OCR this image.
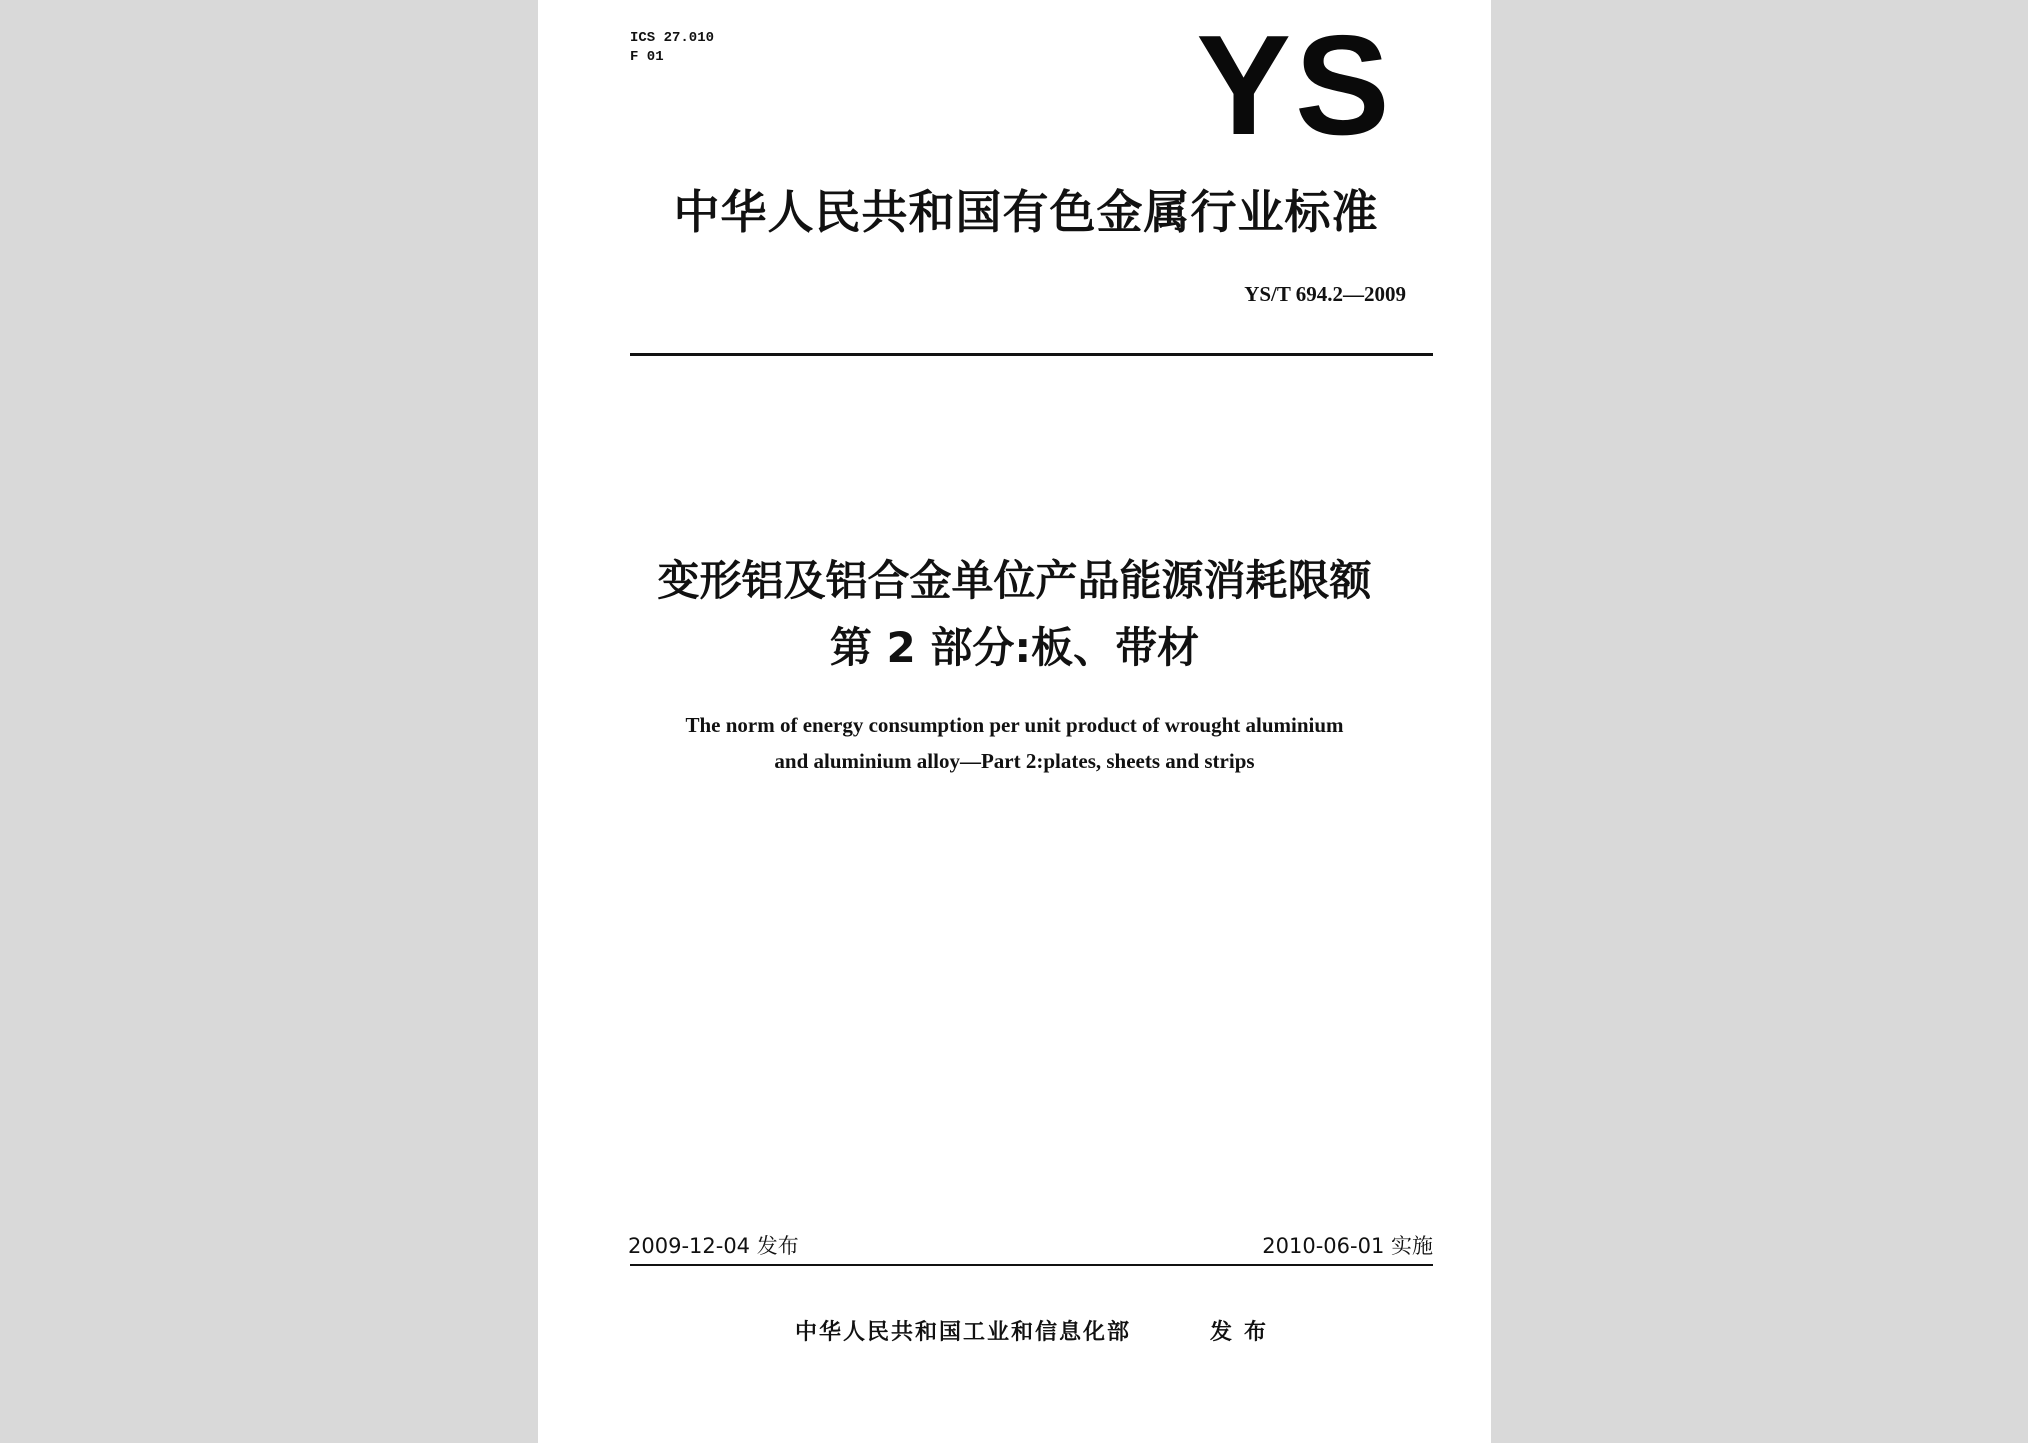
ICS 27.010
F 01	YS
中华人民共和国有色金属行业标准
YS/T 694.2—2009
变形铝及铝合金单位产品能源消耗限额
第 2 部分:板、带材
The norm of energy consumption per unit product of wrought aluminium
and aluminium alloy—Part 2:plates, sheets and strips
2009-12-04 发布	2010-06-01 实施
中华人民共和国工业和信息化部	发布
